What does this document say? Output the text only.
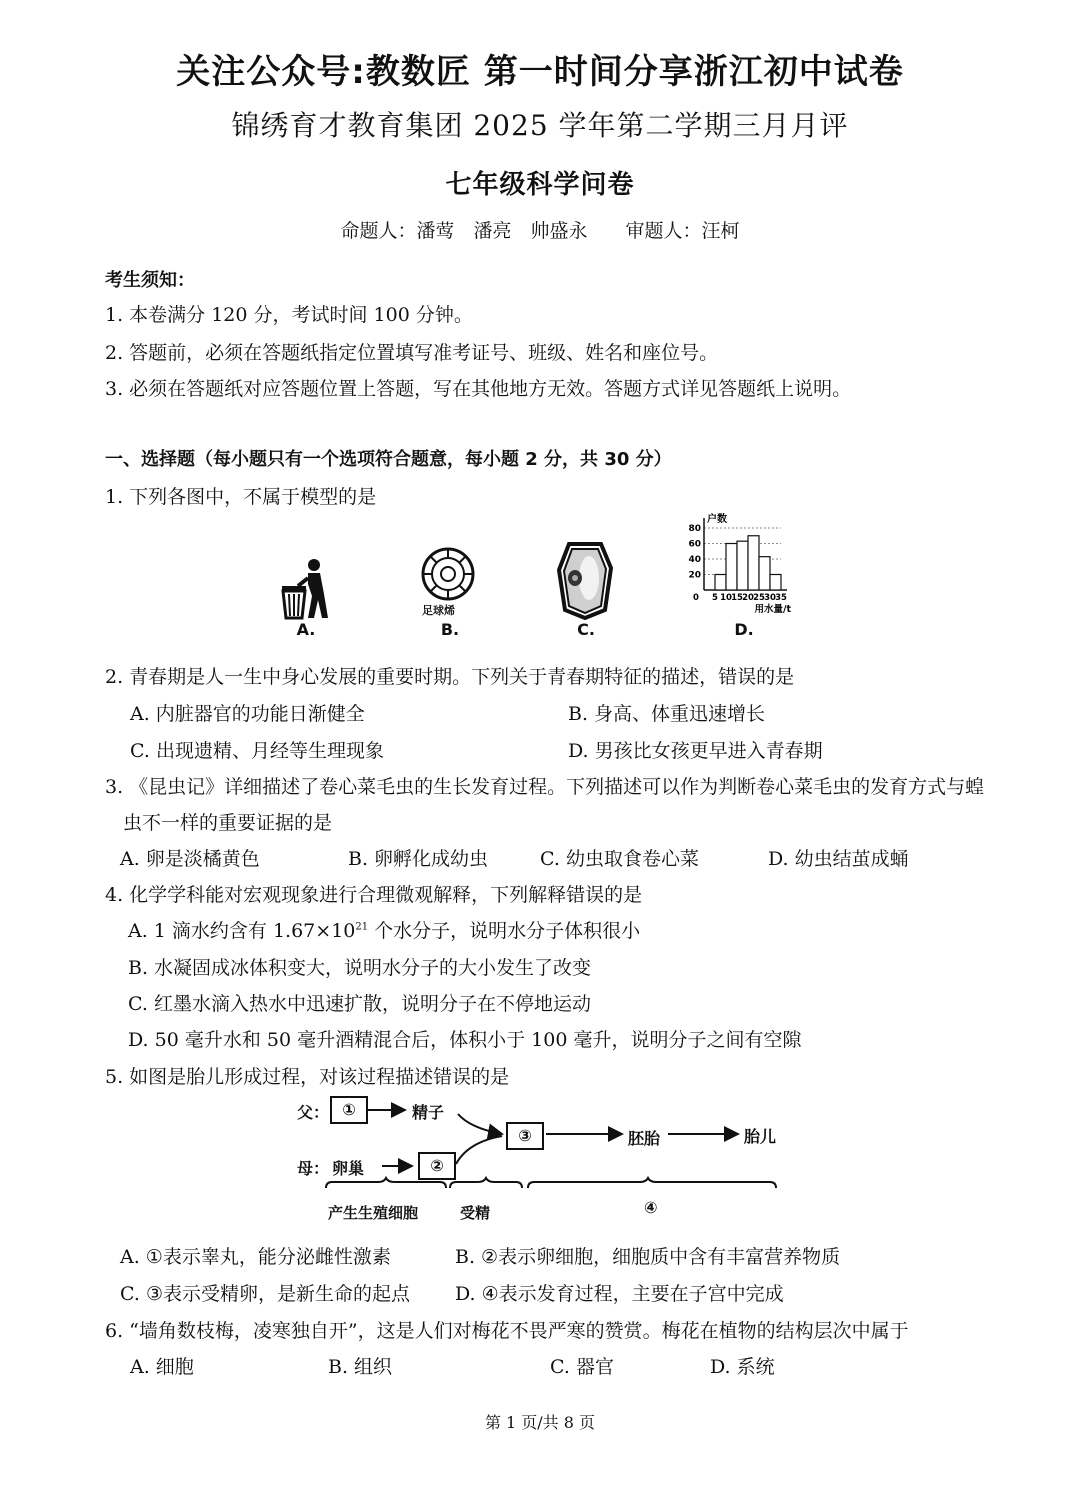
关注公众号:教数匠 第一时间分享浙江初中试卷
锦绣育才教育集团 2025 学年第二学期三月月评
七年级科学问卷
命题人：潘莺　潘亮　帅盛永　　审题人：汪柯
考生须知：
1. 本卷满分 120 分，考试时间 100 分钟。
2. 答题前，必须在答题纸指定位置填写准考证号、班级、姓名和座位号。
3. 必须在答题纸对应答题位置上答题，写在其他地方无效。答题方式详见答题纸上说明。
一、选择题（每小题只有一个选项符合题意，每小题 2 分，共 30 分）
1. 下列各图中，不属于模型的是
A.
足球烯
B.	C.
20
40
60
80
0 5 10 15 20 25 30 35
户数
用水量/t
D.
2. 青春期是人一生中身心发展的重要时期。下列关于青春期特征的描述，错误的是
A. 内脏器官的功能日渐健全	B. 身高、体重迅速增长
C. 出现遗精、月经等生理现象	D. 男孩比女孩更早进入青春期
3. 《昆虫记》详细描述了卷心菜毛虫的生长发育过程。下列描述可以作为判断卷心菜毛虫的发育方式与蝗
虫不一样的重要证据的是
A. 卵是淡橘黄色	B. 卵孵化成幼虫	C. 幼虫取食卷心菜	D. 幼虫结茧成蛹
4. 化学学科能对宏观现象进行合理微观解释，下列解释错误的是
A. 1 滴水约含有 $1.67\times 10^{21}$ 个水分子，说明水分子体积很小
B. 水凝固成冰体积变大，说明水分子的大小发生了改变
C. 红墨水滴入热水中迅速扩散，说明分子在不停地运动
D. 50 毫升水和 50 毫升酒精混合后，体积小于 100 毫升，说明分子之间有空隙
5. 如图是胎儿形成过程，对该过程描述错误的是
父： ①	精子
母： 卵巢	②
③	胚胎	胎儿
产生生殖细胞	受精	④
A. ①表示睾丸，能分泌雌性激素	B. ②表示卵细胞，细胞质中含有丰富营养物质
C. ③表示受精卵，是新生命的起点 D. ④表示发育过程，主要在子宫中完成
6. “墙角数枝梅，凌寒独自开”，这是人们对梅花不畏严寒的赞赏。梅花在植物的结构层次中属于
A. 细胞	B. 组织	C. 器官	D. 系统
第 1 页/共 8 页
